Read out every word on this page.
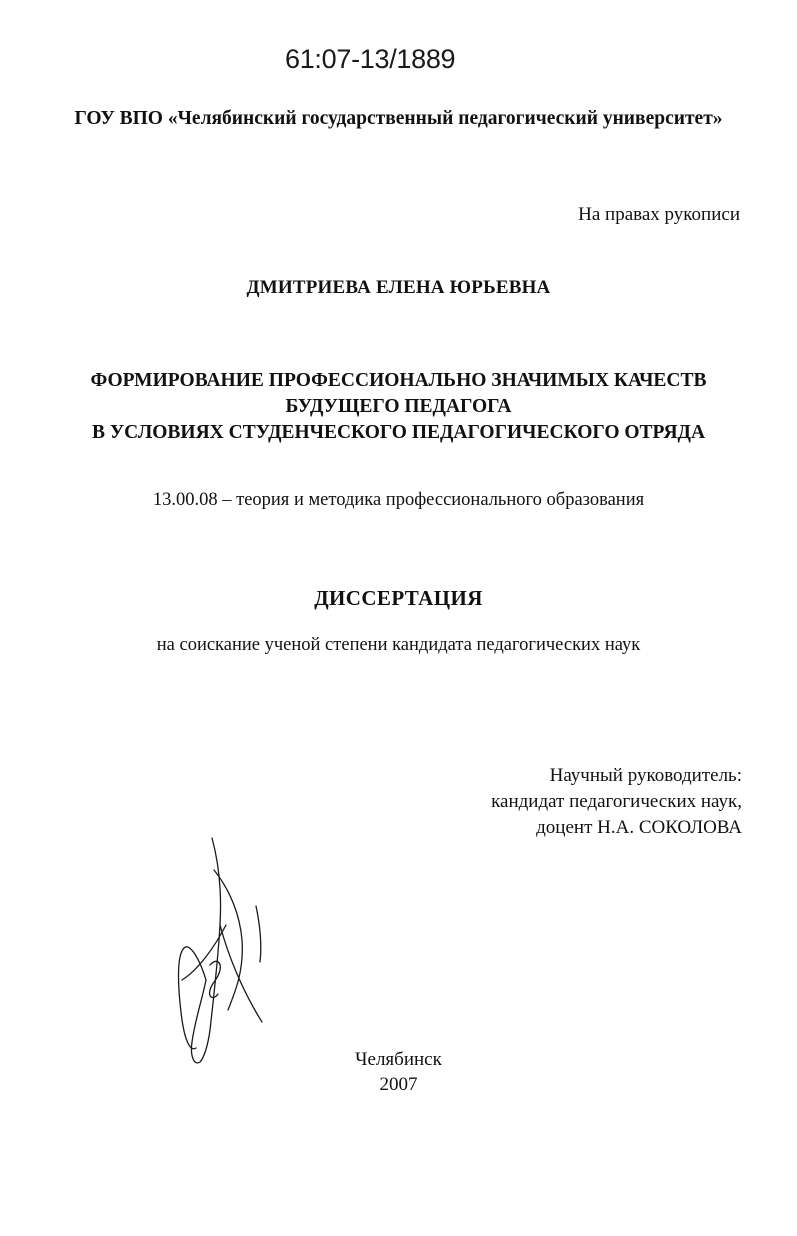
61:07-13/1889
ГОУ ВПО «Челябинский государственный педагогический университет»
На правах рукописи
ДМИТРИЕВА ЕЛЕНА ЮРЬЕВНА
ФОРМИРОВАНИЕ ПРОФЕССИОНАЛЬНО ЗНАЧИМЫХ КАЧЕСТВ
БУДУЩЕГО ПЕДАГОГА
В УСЛОВИЯХ СТУДЕНЧЕСКОГО ПЕДАГОГИЧЕСКОГО ОТРЯДА
13.00.08 – теория и методика профессионального образования
ДИССЕРТАЦИЯ
на соискание ученой степени кандидата педагогических наук
Научный руководитель:
кандидат педагогических наук,
доцент Н.А. СОКОЛОВА
Челябинск
2007
